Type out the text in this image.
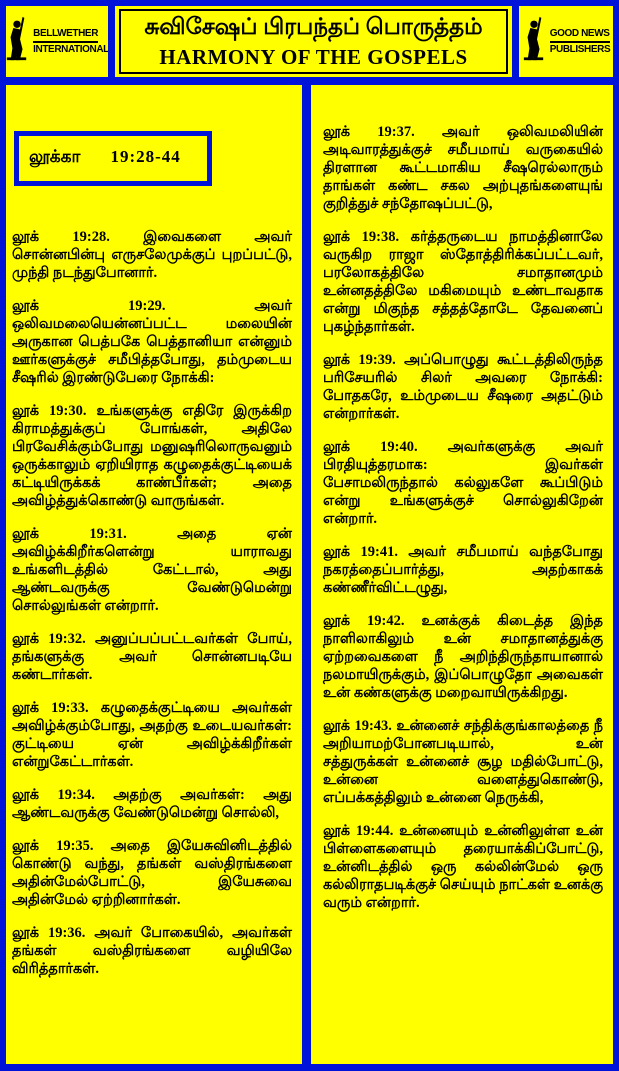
BELLWETHER
INTERNATIONAL
சுவிசேஷப் பிரபந்தப் பொருத்தம்
HARMONY OF THE GOSPELS
GOOD NEWS
PUBLISHERS
லூக்கா 19:28-44

லூக் 19:28. இவைகளை அவர் சொன்னபின்பு எருசலேமுக்குப் புறப்பட்டு, முந்தி நடந்துபோனார்.

லூக் 19:29. அவர் ஒலிவமலையென்னப்பட்ட மலையின் அருகான பெத்பகே பெத்தானியா என்னும் ஊர்களுக்குச் சமீபித்தபோது, தம்முடைய சீஷரில் இரண்டுபேரை நோக்கி:

லூக் 19:30. உங்களுக்கு எதிரே இருக்கிற கிராமத்துக்குப் போங்கள், அதிலே பிரவேசிக்கும்போது மனுஷரிலொருவனும் ஒருக்காலும் ஏறியிராத கழுதைக்குட்டியைக் கட்டியிருக்கக் காண்பீர்கள்; அதை அவிழ்த்துக்கொண்டு வாருங்கள்.

லூக் 19:31. அதை ஏன் அவிழ்க்கிறீர்களென்று யாராவது உங்களிடத்தில் கேட்டால், அது ஆண்டவருக்கு வேண்டுமென்று சொல்லுங்கள் என்றார்.

லூக் 19:32. அனுப்பப்பட்டவர்கள் போய், தங்களுக்கு அவர் சொன்னபடியே கண்டார்கள்.

லூக் 19:33. கழுதைக்குட்டியை அவர்கள் அவிழ்க்கும்போது, அதற்கு உடையவர்கள்: குட்டியை ஏன் அவிழ்க்கிறீர்கள் என்றுகேட்டார்கள்.

லூக் 19:34. அதற்கு அவர்கள்: அது ஆண்டவருக்கு வேண்டுமென்று சொல்லி,

லூக் 19:35. அதை இயேசுவினிடத்தில் கொண்டு வந்து, தங்கள் வஸ்திரங்களை அதின்மேல்போட்டு, இயேசுவை அதின்மேல் ஏற்றினார்கள்.

லூக் 19:36. அவர் போகையில், அவர்கள் தங்கள் வஸ்திரங்களை வழியிலே விரித்தார்கள்.

லூக் 19:37. அவர் ஒலிவமலியின் அடிவாரத்துக்குச் சமீபமாய் வருகையில் திரளான கூட்டமாகிய சீஷரெல்லாரும் தாங்கள் கண்ட சகல அற்புதங்களையுங் குறித்துச் சந்தோஷப்பட்டு,

லூக் 19:38. கர்த்தருடைய நாமத்தினாலே வருகிற ராஜா ஸ்தோத்திரிக்கப்பட்டவர், பரலோகத்திலே சமாதானமும் உன்னதத்திலே மகிமையும் உண்டாவதாக என்று மிகுந்த சத்தத்தோடே தேவனைப் புகழ்ந்தார்கள்.

லூக் 19:39. அப்பொழுது கூட்டத்திலிருந்த பரிசேயரில் சிலர் அவரை நோக்கி: போதகரே, உம்முடைய சீஷரை அதட்டும் என்றார்கள்.

லூக் 19:40. அவர்களுக்கு அவர் பிரதியுத்தரமாக: இவர்கள் பேசாமலிருந்தால் கல்லுகளே கூப்பிடும் என்று உங்களுக்குச் சொல்லுகிறேன் என்றார்.

லூக் 19:41. அவர் சமீபமாய் வந்தபோது நகரத்தைப்பார்த்து, அதற்காகக் கண்ணீர்விட்டழுது,

லூக் 19:42. உனக்குக் கிடைத்த இந்த நாளிலாகிலும் உன் சமாதானத்துக்கு ஏற்றவைகளை நீ அறிந்திருந்தாயானால் நலமாயிருக்கும், இப்பொழுதோ அவைகள் உன் கண்களுக்கு மறைவாயிருக்கிறது.

லூக் 19:43. உன்னைச் சந்திக்குங்காலத்தை நீ அறியாமற்போனபடியால், உன் சத்துருக்கள் உன்னைச் சூழ மதில்போட்டு, உன்னை வளைத்துகொண்டு, எப்பக்கத்திலும் உன்னை நெருக்கி,

லூக் 19:44. உன்னையும் உன்னிலுள்ள உன் பிள்ளைகளையும் தரையாக்கிப்போட்டு, உன்னிடத்தில் ஒரு கல்லின்மேல் ஒரு கல்லிராதபடிக்குச் செய்யும் நாட்கள் உனக்கு வரும் என்றார்.
